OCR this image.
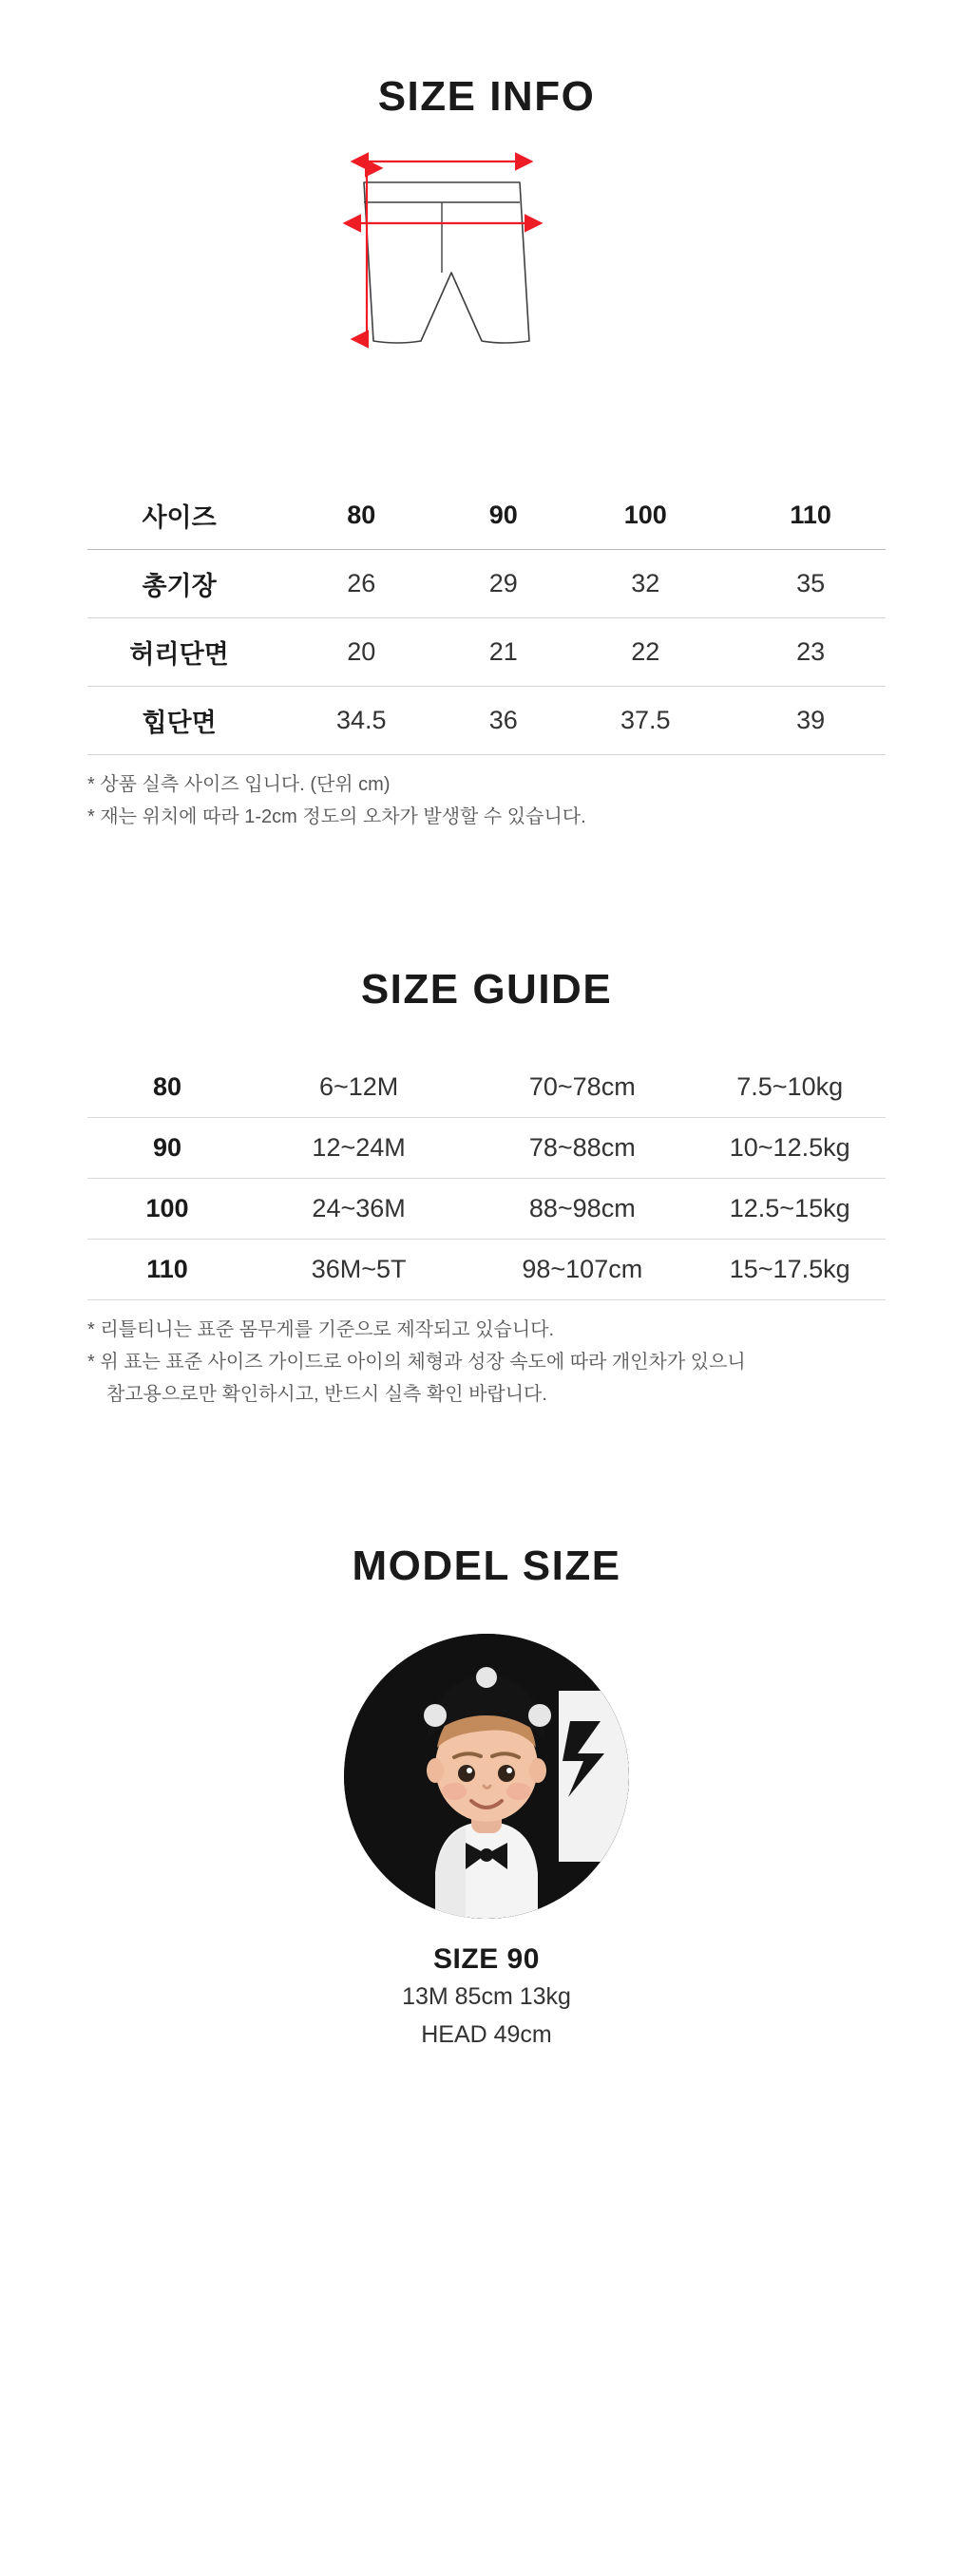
SIZE INFO
사이즈	80	90	100	110
총기장	26	29	32	35
허리단면	20	21	22	23
힙단면	34.5	36	37.5	39
* 상품 실측 사이즈 입니다. (단위 cm)
* 재는 위치에 따라 1-2cm 정도의 오차가 발생할 수 있습니다.
SIZE GUIDE
80	6~12M	70~78cm	7.5~10kg
90	12~24M	78~88cm	10~12.5kg
100	24~36M	88~98cm	12.5~15kg
110	36M~5T	98~107cm	15~17.5kg
* 리틀티니는 표준 몸무게를 기준으로 제작되고 있습니다.
* 위 표는 표준 사이즈 가이드로 아이의 체형과 성장 속도에 따라 개인차가 있으니
참고용으로만 확인하시고, 반드시 실측 확인 바랍니다.
MODEL SIZE
SIZE 90
13M 85cm 13kg
HEAD 49cm
